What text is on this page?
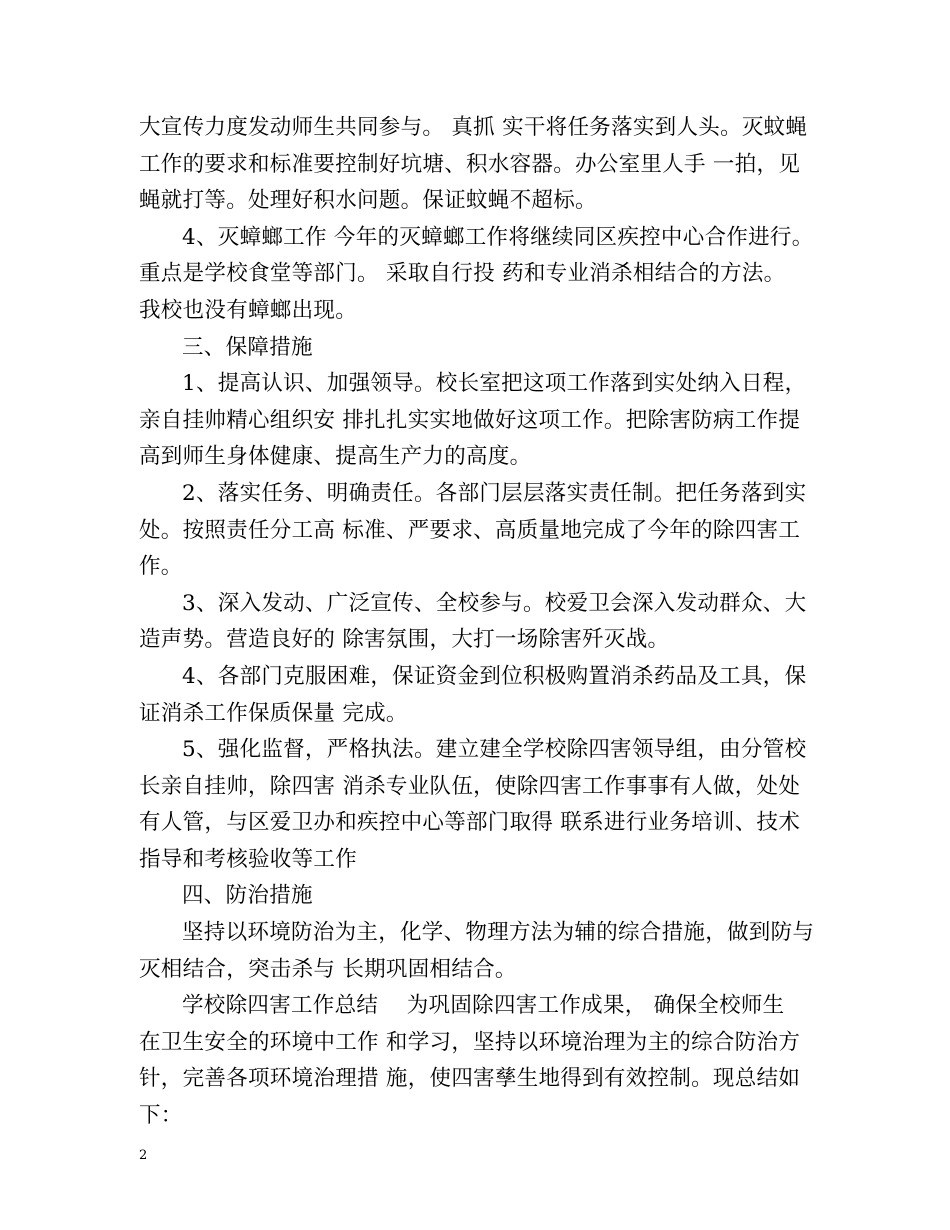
大宣传力度发动师生共同参与。 真抓 实干将任务落实到人头。灭蚊蝇
工作的要求和标准要控制好坑塘、积水容器。办公室里人手 一拍，见
蝇就打等。处理好积水问题。保证蚊蝇不超标。
4、灭蟑螂工作 今年的灭蟑螂工作将继续同区疾控中心合作进行。
重点是学校食堂等部门。 采取自行投 药和专业消杀相结合的方法。
我校也没有蟑螂出现。
三、保障措施
1、提高认识、加强领导。校长室把这项工作落到实处纳入日程，
亲自挂帅精心组织安 排扎扎实实地做好这项工作。把除害防病工作提
高到师生身体健康、提高生产力的高度。
2、落实任务、明确责任。各部门层层落实责任制。把任务落到实
处。按照责任分工高 标准、严要求、高质量地完成了今年的除四害工
作。
3、深入发动、广泛宣传、全校参与。校爱卫会深入发动群众、大
造声势。营造良好的 除害氛围，大打一场除害歼灭战。
4、各部门克服困难，保证资金到位积极购置消杀药品及工具，保
证消杀工作保质保量 完成。
5、强化监督，严格执法。建立建全学校除四害领导组，由分管校
长亲自挂帅，除四害 消杀专业队伍，使除四害工作事事有人做，处处
有人管，与区爱卫办和疾控中心等部门取得 联系进行业务培训、技术
指导和考核验收等工作
四、防治措施
坚持以环境防治为主，化学、物理方法为辅的综合措施，做到防与
灭相结合，突击杀与 长期巩固相结合。
学校除四害工作总结    为巩固除四害工作成果， 确保全校师生
在卫生安全的环境中工作 和学习，坚持以环境治理为主的综合防治方
针，完善各项环境治理措 施，使四害孳生地得到有效控制。现总结如
下：
2
